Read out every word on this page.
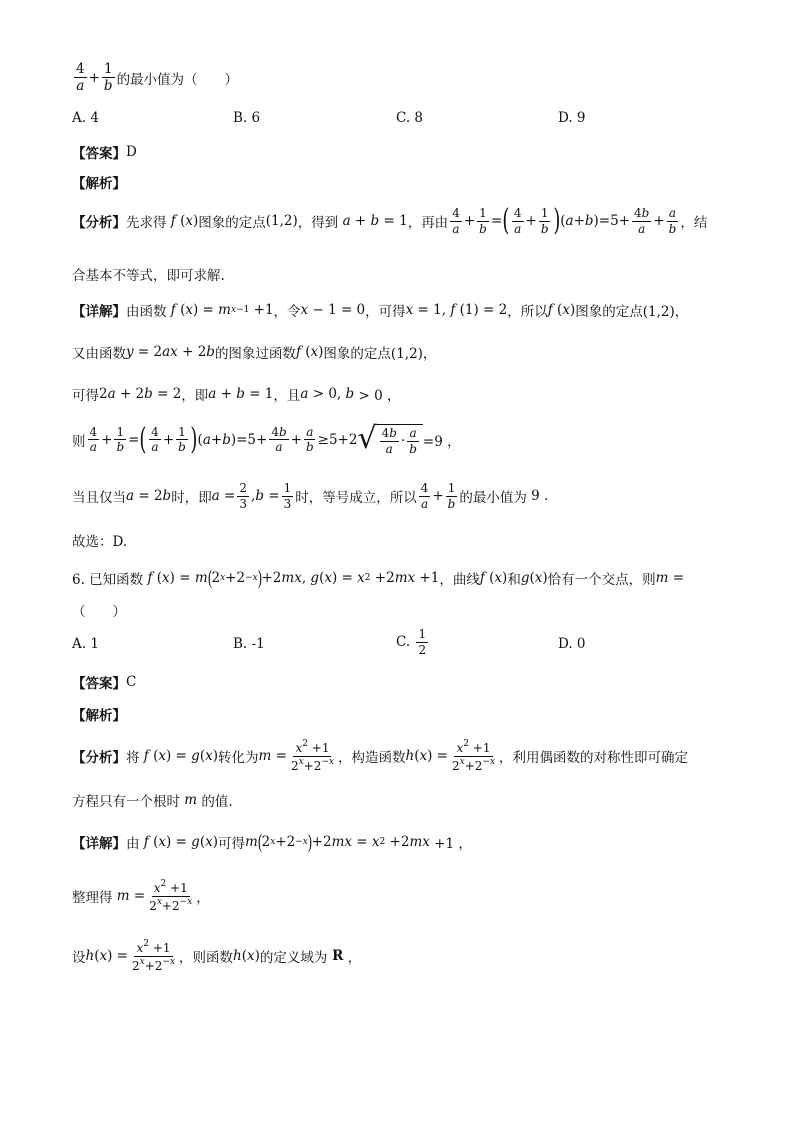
$\frac{4}{a} + \frac{1}{b}$ 的最小值为（　　）
A. 4	B. 6	C. 8	D. 9
【答案】 D
【解析】
【分析】 先求得 f ( x ) 图象的定点 (1,2) ，得到 a + b = 1 ，再由 $\frac{4}{a} + \frac{1}{b}$ = ( $\frac{4}{a} + \frac{1}{b}$ ) ( a + b )$=5+ \frac{4b}{a} + \frac{a}{b}$ ，结
合基本不等式，即可求解.
【详解】 由函数 f ( x ) = m x−1 +1 ，令 x − 1 = 0 ，可得 x = 1, f (1) = 2 ，所以 f ( x ) 图象的定点 (1,2)，
又由函数 y = 2 ax + 2 b 的图象过函数 f ( x ) 图象的定点 (1,2)，
可得 2 a + 2 b = 2 ，即 a + b = 1 ，且 a > 0, b > 0 ，
则 $\frac{4}{a} + \frac{1}{b}$ = ( $\frac{4}{a} + \frac{1}{b}$ ) ( a + b )$=5+ \frac{4b}{a} + \frac{a}{b} \ge 5+2$ √ $\frac{4b}{a} \cdot \frac{a}{b} =9$ ，
当且仅当 a = 2 b 时，即 $a = \frac{2}{3}$ , $b = \frac{1}{3}$ 时，等号成立，所以 $\frac{4}{a} + \frac{1}{b}$ 的最小值为 9 .
故选：D.
6. 已知函数 f ( x ) = m ( 2 x +2 −x ) +2 mx , g ( x ) = x 2 +2 mx +1 ，曲线 f ( x ) 和 g ( x ) 恰有一个交点，则 m =
（　　）
A. 1	B. -1	C.
$\frac{1}{2}$	D. 0
【答案】 C
【解析】
【分析】 将 f ( x ) = g ( x ) 转化为 $m = \frac{x^2 +1}{2^x+2^{-x}}$ ，构造函数 h ( x ) = $\frac{x^2 +1}{2^x+2^{-x}}$ ，利用偶函数的对称性即可确定
方程只有一个根时 m 的值.
【详解】 由 f ( x ) = g ( x ) 可得 m ( 2 x +2 −x ) +2 mx = x 2 +2 mx +1 ，
整理得 $m = \frac{x^2 +1}{2^x+2^{-x}}$ ，
设 h ( x ) = $\frac{x^2 +1}{2^x+2^{-x}}$ ，则函数 h ( x ) 的定义域为 R ，
